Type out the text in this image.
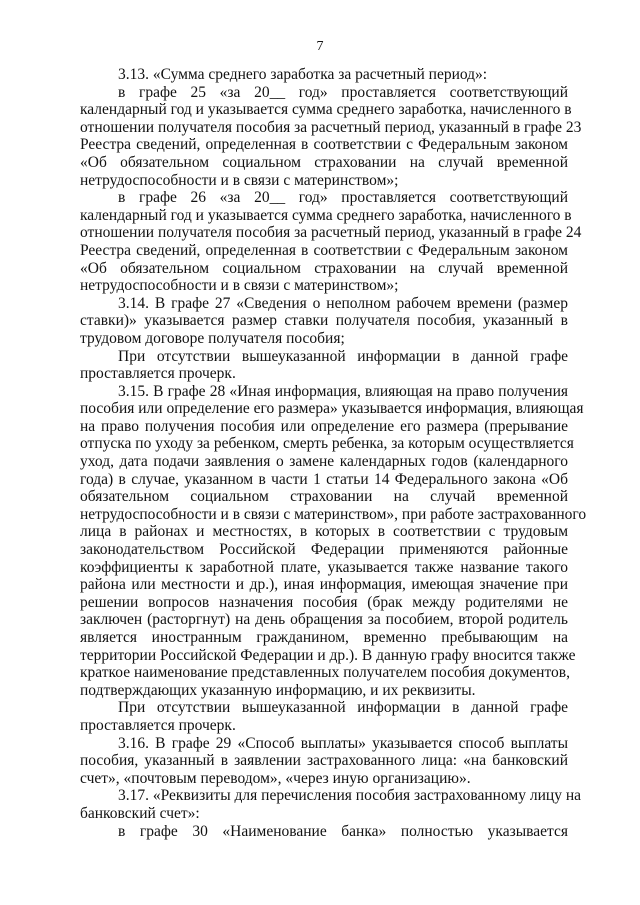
7
3.13. «Сумма среднего заработка за расчетный период»:
в графе 25 «за 20__ год» проставляется соответствующий
календарный год и указывается сумма среднего заработка, начисленного в
отношении получателя пособия за расчетный период, указанный в графе 23
Реестра сведений, определенная в соответствии с Федеральным законом
«Об обязательном социальном страховании на случай временной
нетрудоспособности и в связи с материнством»;
в графе 26 «за 20__ год» проставляется соответствующий
календарный год и указывается сумма среднего заработка, начисленного в
отношении получателя пособия за расчетный период, указанный в графе 24
Реестра сведений, определенная в соответствии с Федеральным законом
«Об обязательном социальном страховании на случай временной
нетрудоспособности и в связи с материнством»;
3.14. В графе 27 «Сведения о неполном рабочем времени (размер
ставки)» указывается размер ставки получателя пособия, указанный в
трудовом договоре получателя пособия;
При отсутствии вышеуказанной информации в данной графе
проставляется прочерк.
3.15. В графе 28 «Иная информация, влияющая на право получения
пособия или определение его размера» указывается информация, влияющая
на право получения пособия или определение его размера (прерывание
отпуска по уходу за ребенком, смерть ребенка, за которым осуществляется
уход, дата подачи заявления о замене календарных годов (календарного
года) в случае, указанном в части 1 статьи 14 Федерального закона «Об
обязательном социальном страховании на случай временной
нетрудоспособности и в связи с материнством», при работе застрахованного
лица в районах и местностях, в которых в соответствии с трудовым
законодательством Российской Федерации применяются районные
коэффициенты к заработной плате, указывается также название такого
района или местности и др.), иная информация, имеющая значение при
решении вопросов назначения пособия (брак между родителями не
заключен (расторгнут) на день обращения за пособием, второй родитель
является иностранным гражданином, временно пребывающим на
территории Российской Федерации и др.). В данную графу вносится также
краткое наименование представленных получателем пособия документов,
подтверждающих указанную информацию, и их реквизиты.
При отсутствии вышеуказанной информации в данной графе
проставляется прочерк.
3.16. В графе 29 «Способ выплаты» указывается способ выплаты
пособия, указанный в заявлении застрахованного лица: «на банковский
счет», «почтовым переводом», «через иную организацию».
3.17. «Реквизиты для перечисления пособия застрахованному лицу на
банковский счет»:
в графе 30 «Наименование банка» полностью указывается
